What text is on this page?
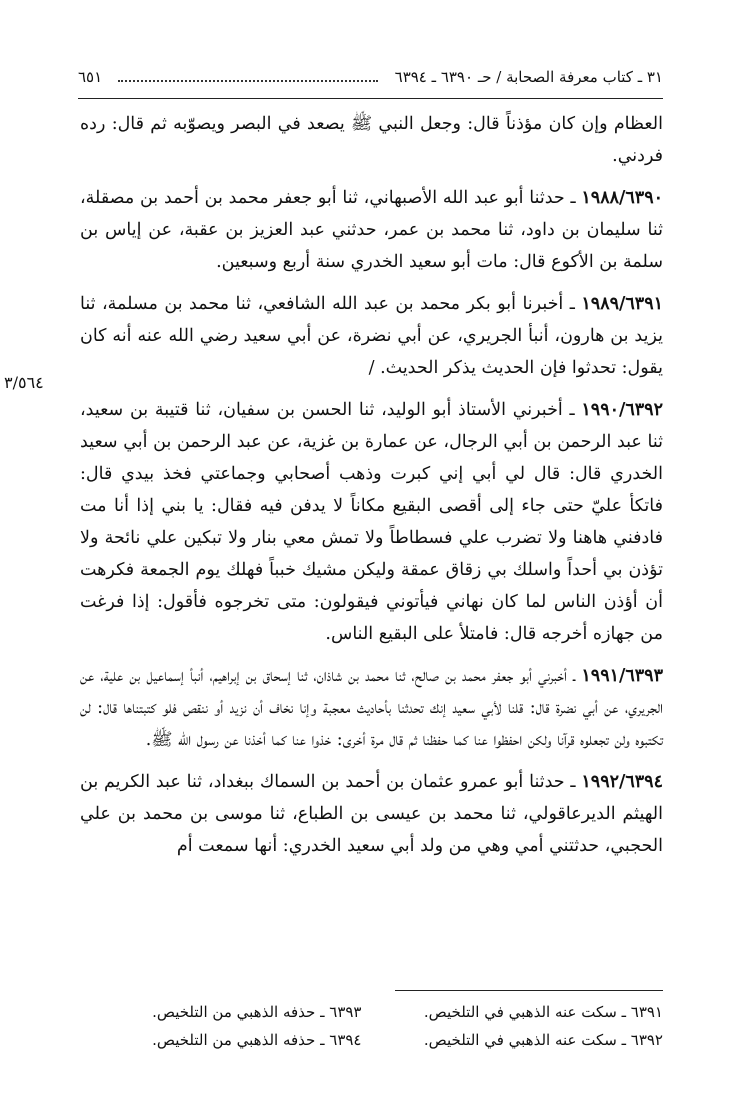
٣١ ـ كتاب معرفة الصحابة / حـ ٦٣٩٠ ـ ٦٣٩٤
٦٥١
٣/٥٦٤

العظام وإن كان مؤذناً قال: وجعل النبي ﷺ يصعد في البصر ويصوّبه ثم قال: رده فردني.

١٩٨٨/٦٣٩٠ ـ حدثنا أبو عبد الله الأصبهاني، ثنا أبو جعفر محمد بن أحمد بن مصقلة، ثنا سليمان بن داود، ثنا محمد بن عمر، حدثني عبد العزيز بن عقبة، عن إياس بن سلمة بن الأكوع قال: مات أبو سعيد الخدري سنة أربع وسبعين.

١٩٨٩/٦٣٩١ ـ أخبرنا أبو بكر محمد بن عبد الله الشافعي، ثنا محمد بن مسلمة، ثنا يزيد بن هارون، أنبأ الجريري، عن أبي نضرة، عن أبي سعيد رضي الله عنه أنه كان يقول: تحدثوا فإن الحديث يذكر الحديث. /

١٩٩٠/٦٣٩٢ ـ أخبرني الأستاذ أبو الوليد، ثنا الحسن بن سفيان، ثنا قتيبة بن سعيد، ثنا عبد الرحمن بن أبي الرجال، عن عمارة بن غزية، عن عبد الرحمن بن أبي سعيد الخدري قال: قال لي أبي إني كبرت وذهب أصحابي وجماعتي فخذ بيدي قال: فاتكأ عليّ حتى جاء إلى أقصى البقيع مكاناً لا يدفن فيه فقال: يا بني إذا أنا مت فادفني هاهنا ولا تضرب علي فسطاطاً ولا تمش معي بنار ولا تبكين علي نائحة ولا تؤذن بي أحداً واسلك بي زقاق عمقة وليكن مشيك خبباً فهلك يوم الجمعة فكرهت أن أؤذن الناس لما كان نهاني فيأتوني فيقولون: متى تخرجوه فأقول: إذا فرغت من جهازه أخرجه قال: فامتلأ على البقيع الناس.

١٩٩١/٦٣٩٣ ـ أخبرني أبو جعفر محمد بن صالح، ثنا محمد بن شاذان، ثنا إسحاق بن إبراهيم، أنبأ إسماعيل بن علية، عن الجريري، عن أبي نضرة قال: قلنا لأبي سعيد إنك تحدثنا بأحاديث معجبة وإنا نخاف أن نزيد أو ننقص فلو كتبتناها قال: لن تكتبوه ولن تجعلوه قرآنا ولكن احفظوا عنا كما حفظنا ثم قال مرة أخرى: خذوا عنا كما أخذنا عن رسول الله ﷺ.

١٩٩٢/٦٣٩٤ ـ حدثنا أبو عمرو عثمان بن أحمد بن السماك ببغداد، ثنا عبد الكريم بن الهيثم الديرعاقولي، ثنا محمد بن عيسى بن الطباع، ثنا موسى بن محمد بن علي الحجبي، حدثتني أمي وهي من ولد أبي سعيد الخدري: أنها سمعت أم

٦٣٩١ ـ سكت عنه الذهبي في التلخيص.
٦٣٩٣ ـ حذفه الذهبي من التلخيص.
٦٣٩٢ ـ سكت عنه الذهبي في التلخيص.
٦٣٩٤ ـ حذفه الذهبي من التلخيص.
